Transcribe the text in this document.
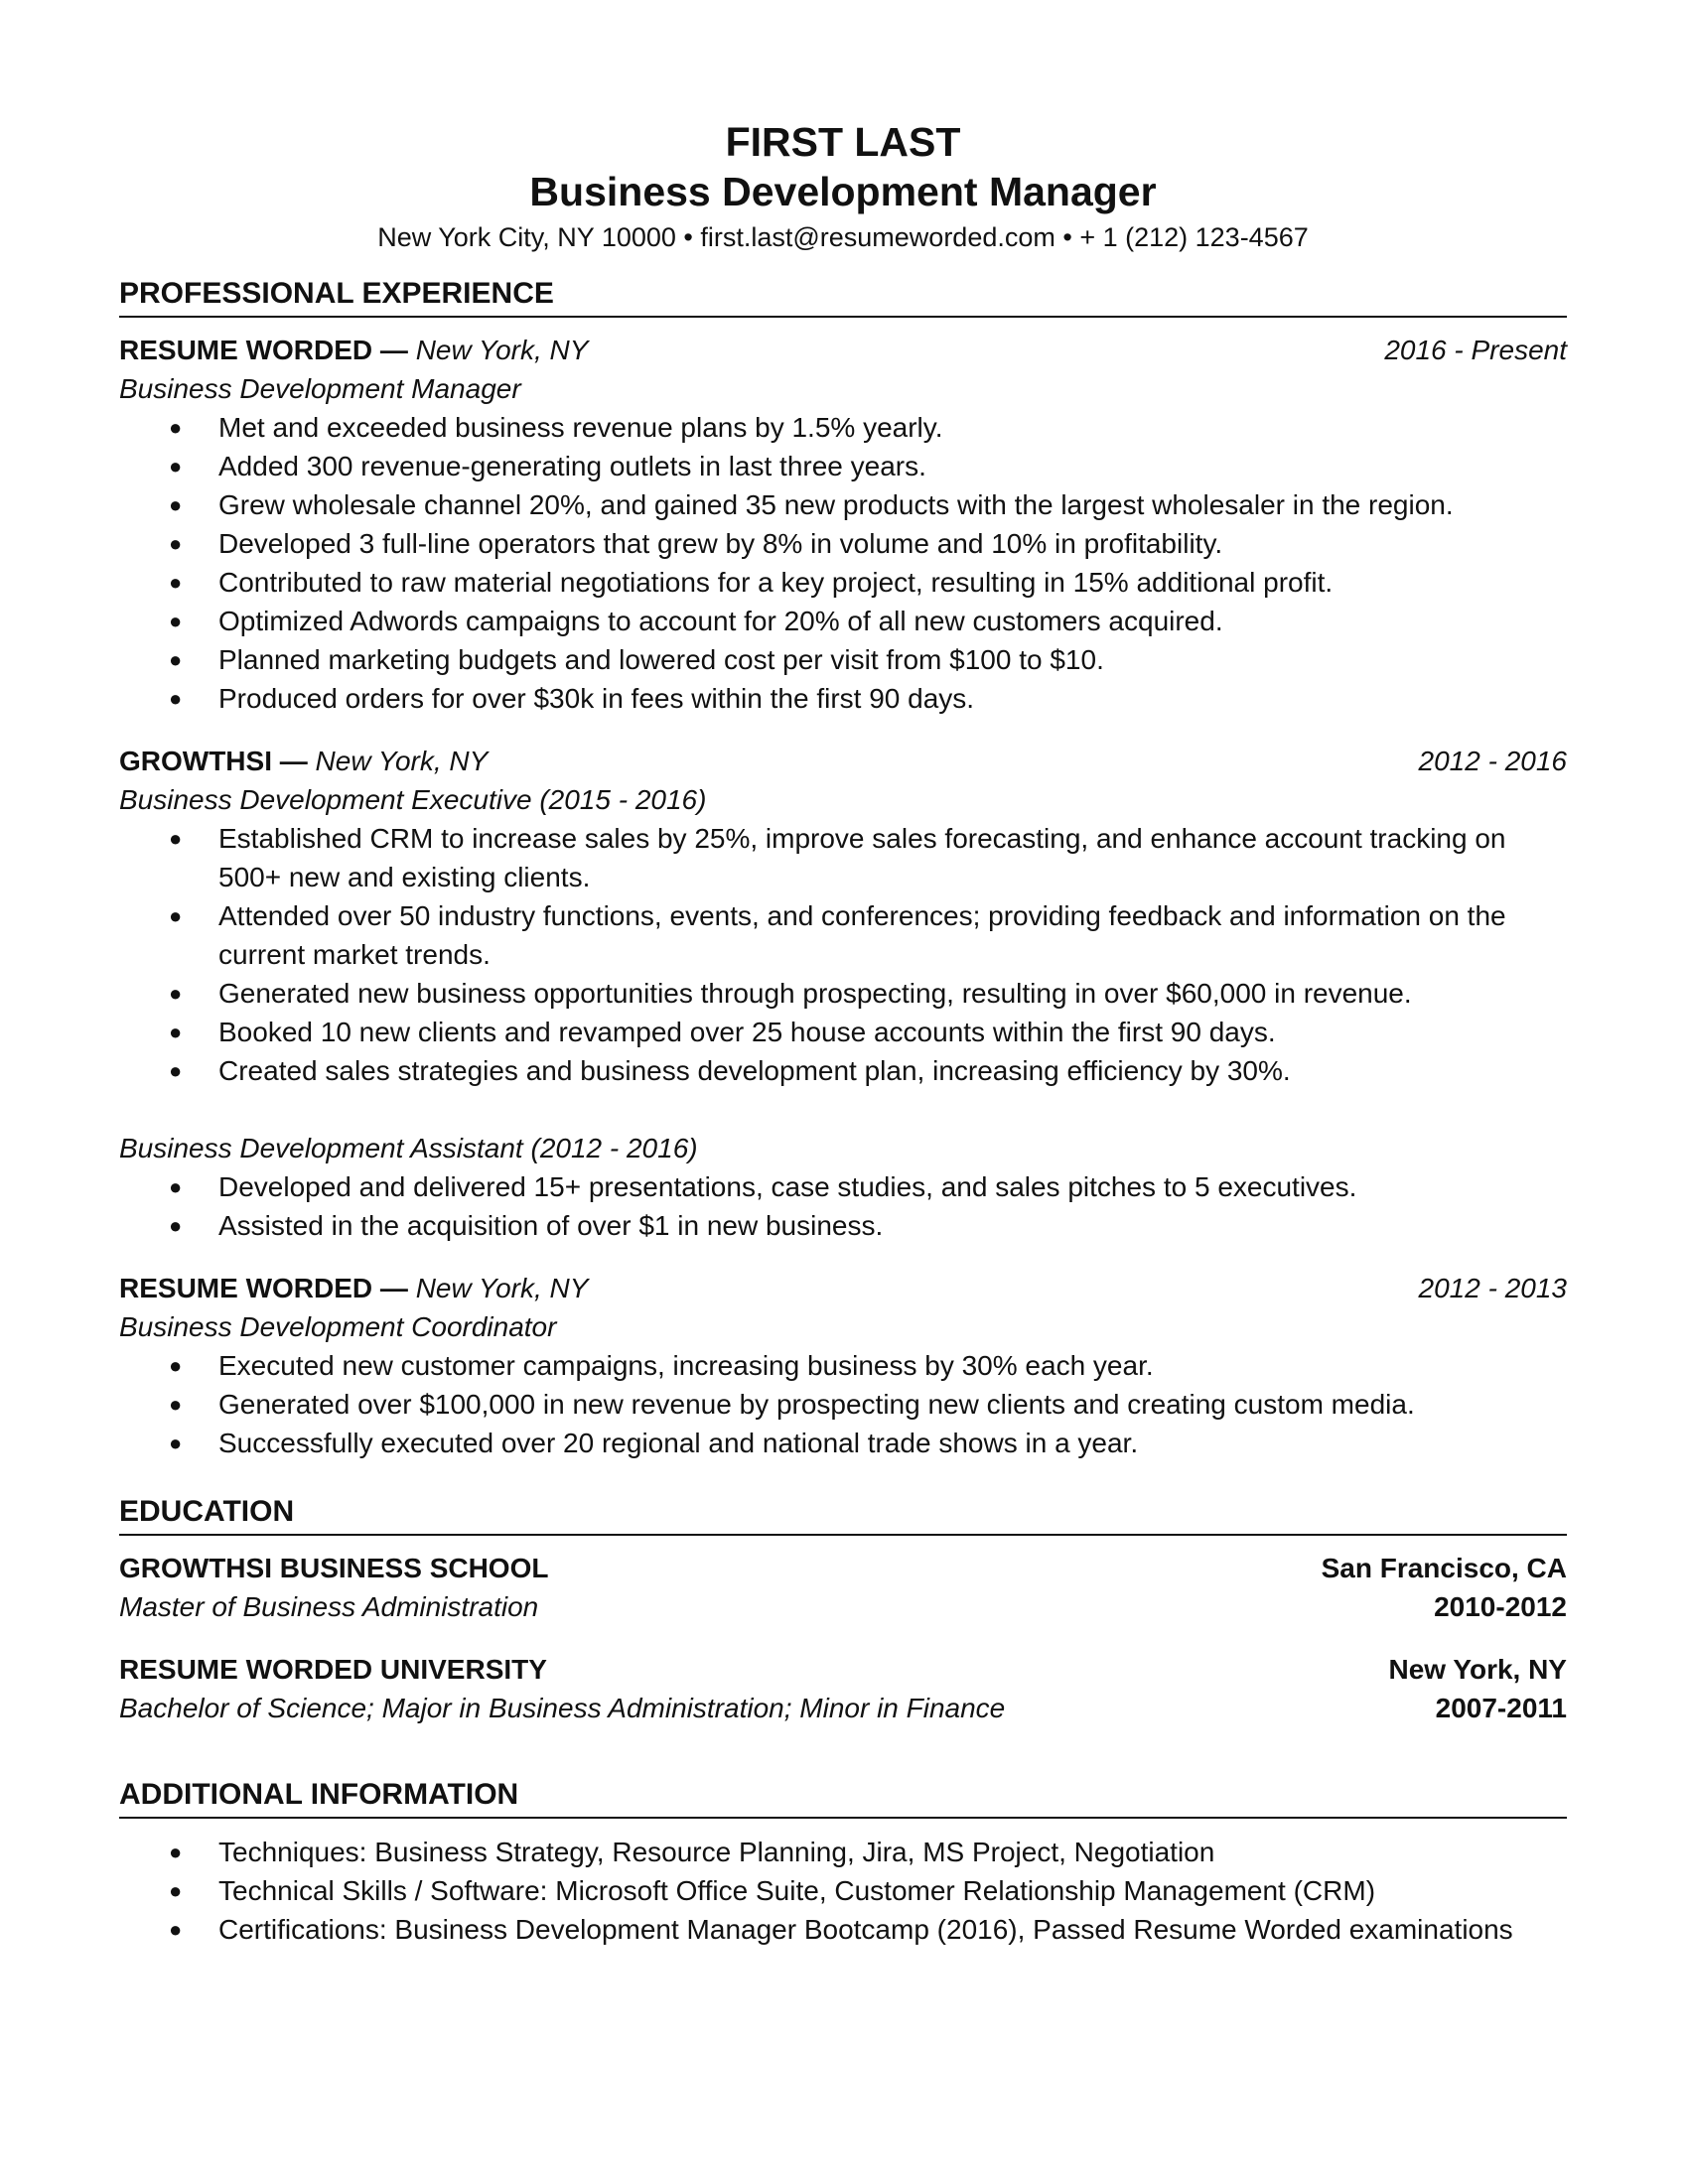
FIRST LAST
Business Development Manager
New York City, NY 10000 • first.last@resumeworded.com • + 1 (212) 123-4567
PROFESSIONAL EXPERIENCE
RESUME WORDED — New York, NY	2016 - Present
Business Development Manager
● Met and exceeded business revenue plans by 1.5% yearly.
● Added 300 revenue-generating outlets in last three years.
● Grew wholesale channel 20%, and gained 35 new products with the largest wholesaler in the region.
● Developed 3 full-line operators that grew by 8% in volume and 10% in profitability.
● Contributed to raw material negotiations for a key project, resulting in 15% additional profit.
● Optimized Adwords campaigns to account for 20% of all new customers acquired.
● Planned marketing budgets and lowered cost per visit from $100 to $10.
● Produced orders for over $30k in fees within the first 90 days.
GROWTHSI — New York, NY	2012 - 2016
Business Development Executive (2015 - 2016)
● Established CRM to increase sales by 25%, improve sales forecasting, and enhance account tracking on 500+ new and existing clients.
● Attended over 50 industry functions, events, and conferences; providing feedback and information on the current market trends.
● Generated new business opportunities through prospecting, resulting in over $60,000 in revenue.
● Booked 10 new clients and revamped over 25 house accounts within the first 90 days.
● Created sales strategies and business development plan, increasing efficiency by 30%.
Business Development Assistant (2012 - 2016)
● Developed and delivered 15+ presentations, case studies, and sales pitches to 5 executives.
● Assisted in the acquisition of over $1 in new business.
RESUME WORDED — New York, NY	2012 - 2013
Business Development Coordinator
● Executed new customer campaigns, increasing business by 30% each year.
● Generated over $100,000 in new revenue by prospecting new clients and creating custom media.
● Successfully executed over 20 regional and national trade shows in a year.
EDUCATION
GROWTHSI BUSINESS SCHOOL	San Francisco, CA
Master of Business Administration	2010-2012
RESUME WORDED UNIVERSITY	New York, NY
Bachelor of Science; Major in Business Administration; Minor in Finance	2007-2011
ADDITIONAL INFORMATION
● Techniques: Business Strategy, Resource Planning, Jira, MS Project, Negotiation
● Technical Skills / Software: Microsoft Office Suite, Customer Relationship Management (CRM)
● Certifications: Business Development Manager Bootcamp (2016), Passed Resume Worded examinations
